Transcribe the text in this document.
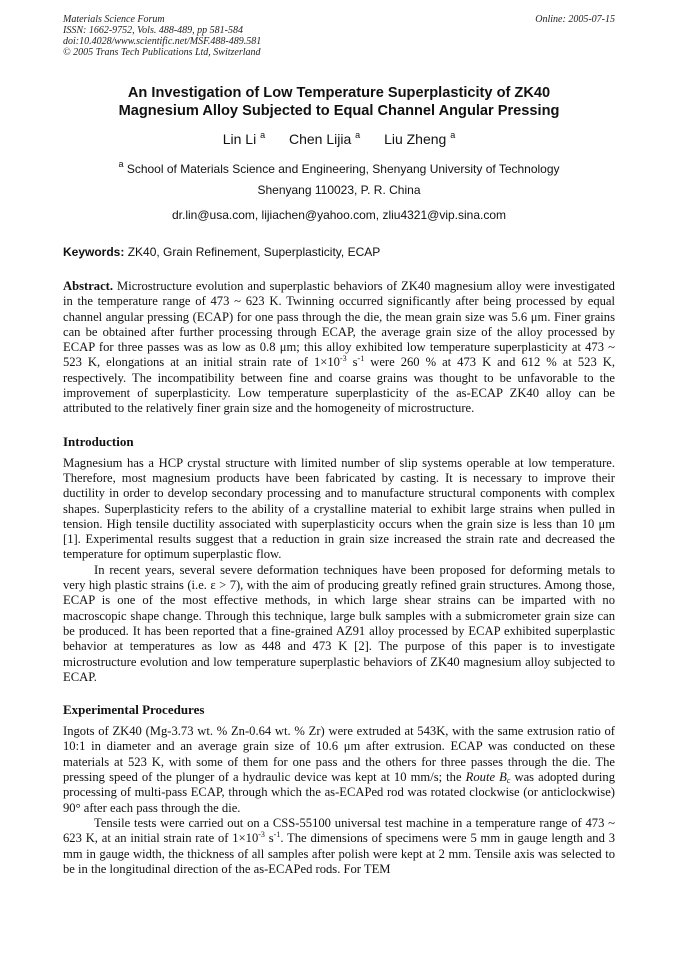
Materials Science Forum
ISSN: 1662-9752, Vols. 488-489, pp 581-584
doi:10.4028/www.scientific.net/MSF.488-489.581
© 2005 Trans Tech Publications Ltd, Switzerland
Online: 2005-07-15
An Investigation of Low Temperature Superplasticity of ZK40
Magnesium Alloy Subjected to Equal Channel Angular Pressing
Lin Li $^a$ Chen Lijia $^a$ Liu Zheng $^a$
$^a$ School of Materials Science and Engineering, Shenyang University of Technology
Shenyang 110023, P. R. China
dr.lin@usa.com, lijiachen@yahoo.com, zliu4321@vip.sina.com
Keywords: ZK40, Grain Refinement, Superplasticity, ECAP
Abstract. Microstructure evolution and superplastic behaviors of ZK40 magnesium alloy were investigated in the temperature range of 473 ~ 623 K. Twinning occurred significantly after being processed by equal channel angular pressing (ECAP) for one pass through the die, the mean grain size was 5.6 μm. Finer grains can be obtained after further processing through ECAP, the average grain size of the alloy processed by ECAP for three passes was as low as 0.8 μm; this alloy exhibited low temperature superplasticity at 473 ~ 523 K, elongations at an initial strain rate of $1\times 10^{-3}$ $s^{-1}$ were 260 % at 473 K and 612 % at 523 K, respectively. The incompatibility between fine and coarse grains was thought to be unfavorable to the improvement of superplasticity. Low temperature superplasticity of the as-ECAP ZK40 alloy can be attributed to the relatively finer grain size and the homogeneity of microstructure.
Introduction

Magnesium has a HCP crystal structure with limited number of slip systems operable at low temperature. Therefore, most magnesium products have been fabricated by casting. It is necessary to improve their ductility in order to develop secondary processing and to manufacture structural components with complex shapes. Superplasticity refers to the ability of a crystalline material to exhibit large strains when pulled in tension. High tensile ductility associated with superplasticity occurs when the grain size is less than 10 μm [1]. Experimental results suggest that a reduction in grain size increased the strain rate and decreased the temperature for optimum superplastic flow.

In recent years, several severe deformation techniques have been proposed for deforming metals to very high plastic strains (i.e. ε > 7), with the aim of producing greatly refined grain structures. Among those, ECAP is one of the most effective methods, in which large shear strains can be imparted with no macroscopic shape change. Through this technique, large bulk samples with a submicrometer grain size can be produced. It has been reported that a fine-grained AZ91 alloy processed by ECAP exhibited superplastic behavior at temperatures as low as 448 and 473 K [2]. The purpose of this paper is to investigate microstructure evolution and low temperature superplastic behaviors of ZK40 magnesium alloy subjected to ECAP.

Experimental Procedures

Ingots of ZK40 (Mg-3.73 wt. % Zn-0.64 wt. % Zr) were extruded at 543K, with the same extrusion ratio of 10:1 in diameter and an average grain size of 10.6 μm after extrusion. ECAP was conducted on these materials at 523 K, with some of them for one pass and the others for three passes through the die. The pressing speed of the plunger of a hydraulic device was kept at 10 mm/s; the Route $B_c$ was adopted during processing of multi-pass ECAP, through which the as-ECAPed rod was rotated clockwise (or anticlockwise) 90° after each pass through the die.

Tensile tests were carried out on a CSS-55100 universal test machine in a temperature range of 473 ~ 623 K, at an initial strain rate of $1\times 10^{-3}$ $s^{-1}$. The dimensions of specimens were 5 mm in gauge length and 3 mm in gauge width, the thickness of all samples after polish were kept at 2 mm. Tensile axis was selected to be in the longitudinal direction of the as-ECAPed rods. For TEM
